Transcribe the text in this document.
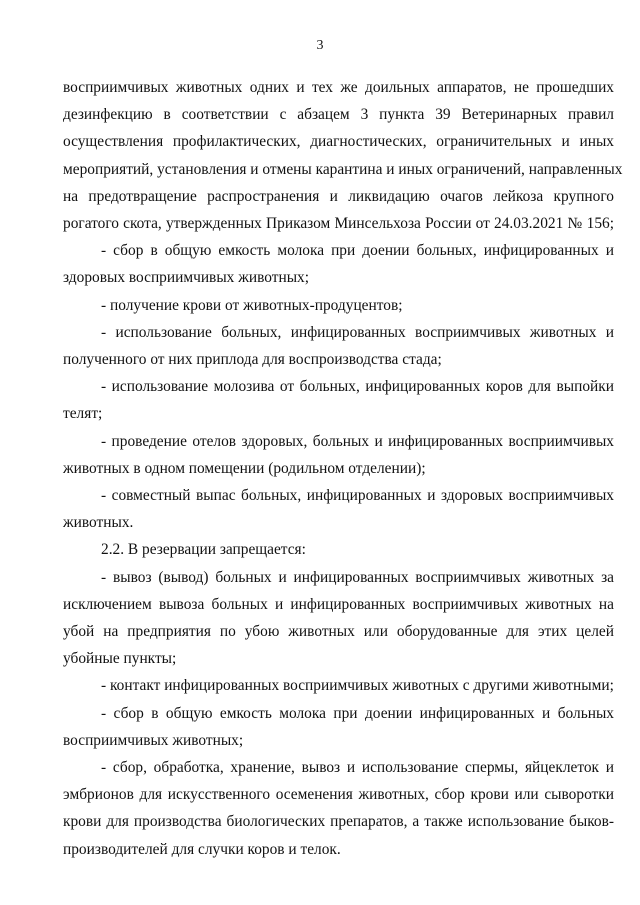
3
восприимчивых животных одних и тех же доильных аппаратов, не прошедших
дезинфекцию в соответствии с абзацем 3 пункта 39 Ветеринарных правил
осуществления профилактических, диагностических, ограничительных и иных
мероприятий, установления и отмены карантина и иных ограничений, направленных
на предотвращение распространения и ликвидацию очагов лейкоза крупного
рогатого скота, утвержденных Приказом Минсельхоза России от 24.03.2021 № 156;
- сбор в общую емкость молока при доении больных, инфицированных и
здоровых восприимчивых животных;
- получение крови от животных-продуцентов;
- использование больных, инфицированных восприимчивых животных и
полученного от них приплода для воспроизводства стада;
- использование молозива от больных, инфицированных коров для выпойки
телят;
- проведение отелов здоровых, больных и инфицированных восприимчивых
животных в одном помещении (родильном отделении);
- совместный выпас больных, инфицированных и здоровых восприимчивых
животных.
2.2. В резервации запрещается:
- вывоз (вывод) больных и инфицированных восприимчивых животных за
исключением вывоза больных и инфицированных восприимчивых животных на
убой на предприятия по убою животных или оборудованные для этих целей
убойные пункты;
- контакт инфицированных восприимчивых животных с другими животными;
- сбор в общую емкость молока при доении инфицированных и больных
восприимчивых животных;
- сбор, обработка, хранение, вывоз и использование спермы, яйцеклеток и
эмбрионов для искусственного осеменения животных, сбор крови или сыворотки
крови для производства биологических препаратов, а также использование быков-
производителей для случки коров и телок.
